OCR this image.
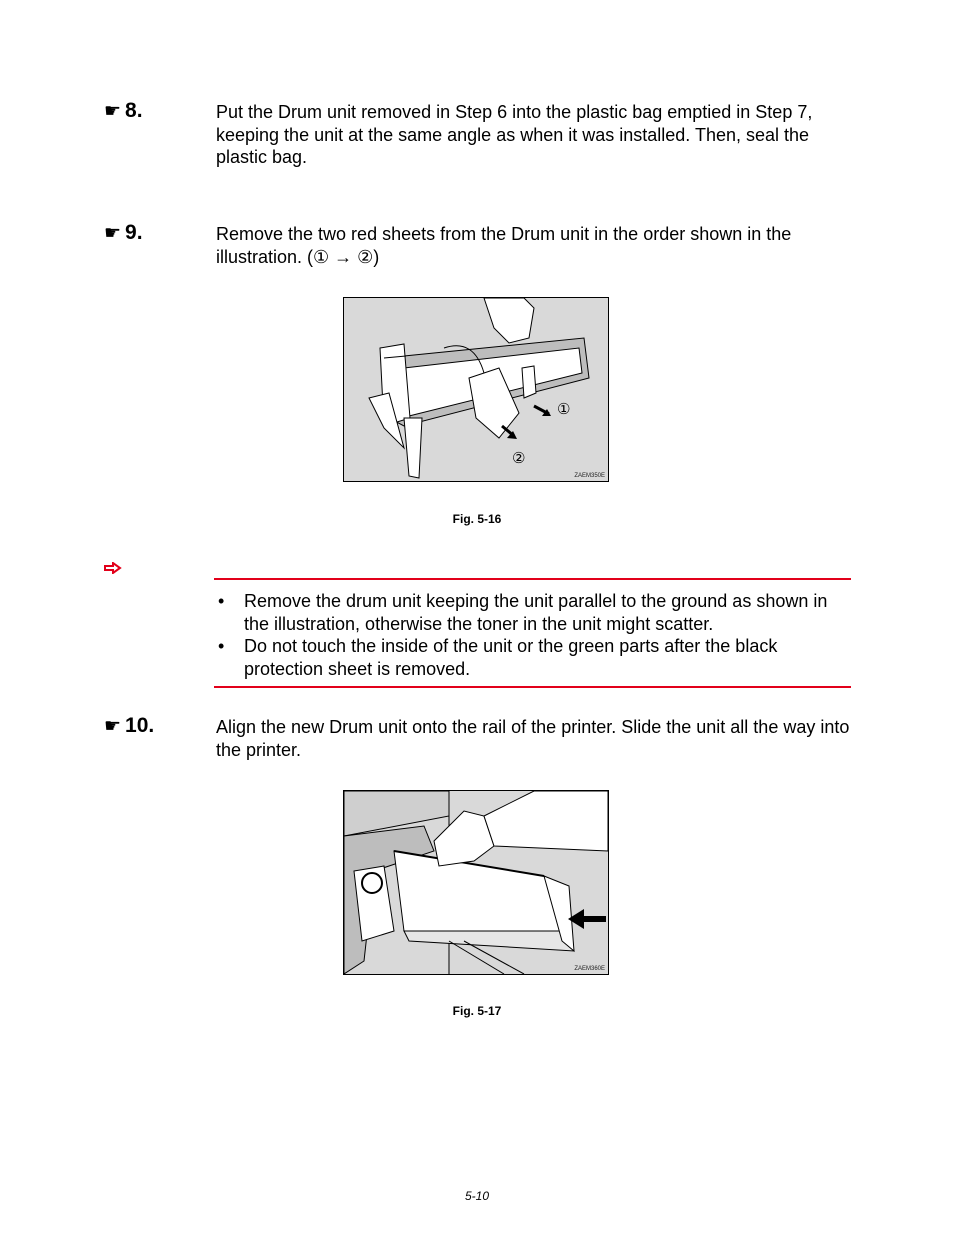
☛ 8.	Put the Drum unit removed in Step 6 into the plastic bag emptied in Step 7, keeping the unit at the same angle as when it was installed. Then, seal the plastic bag.
☛ 9.	Remove the two red sheets from the Drum unit in the order shown in the illustration. (① → ②)
①
②
ZAEM350E
Fig. 5-16
• Remove the drum unit keeping the unit parallel to the ground as shown in the illustration, otherwise the toner in the unit might scatter.
• Do not touch the inside of the unit or the green parts after the black protection sheet is removed.
☛ 10.	Align the new Drum unit onto the rail of the printer. Slide the unit all the way into the printer.
ZAEM360E
Fig. 5-17
5-10
